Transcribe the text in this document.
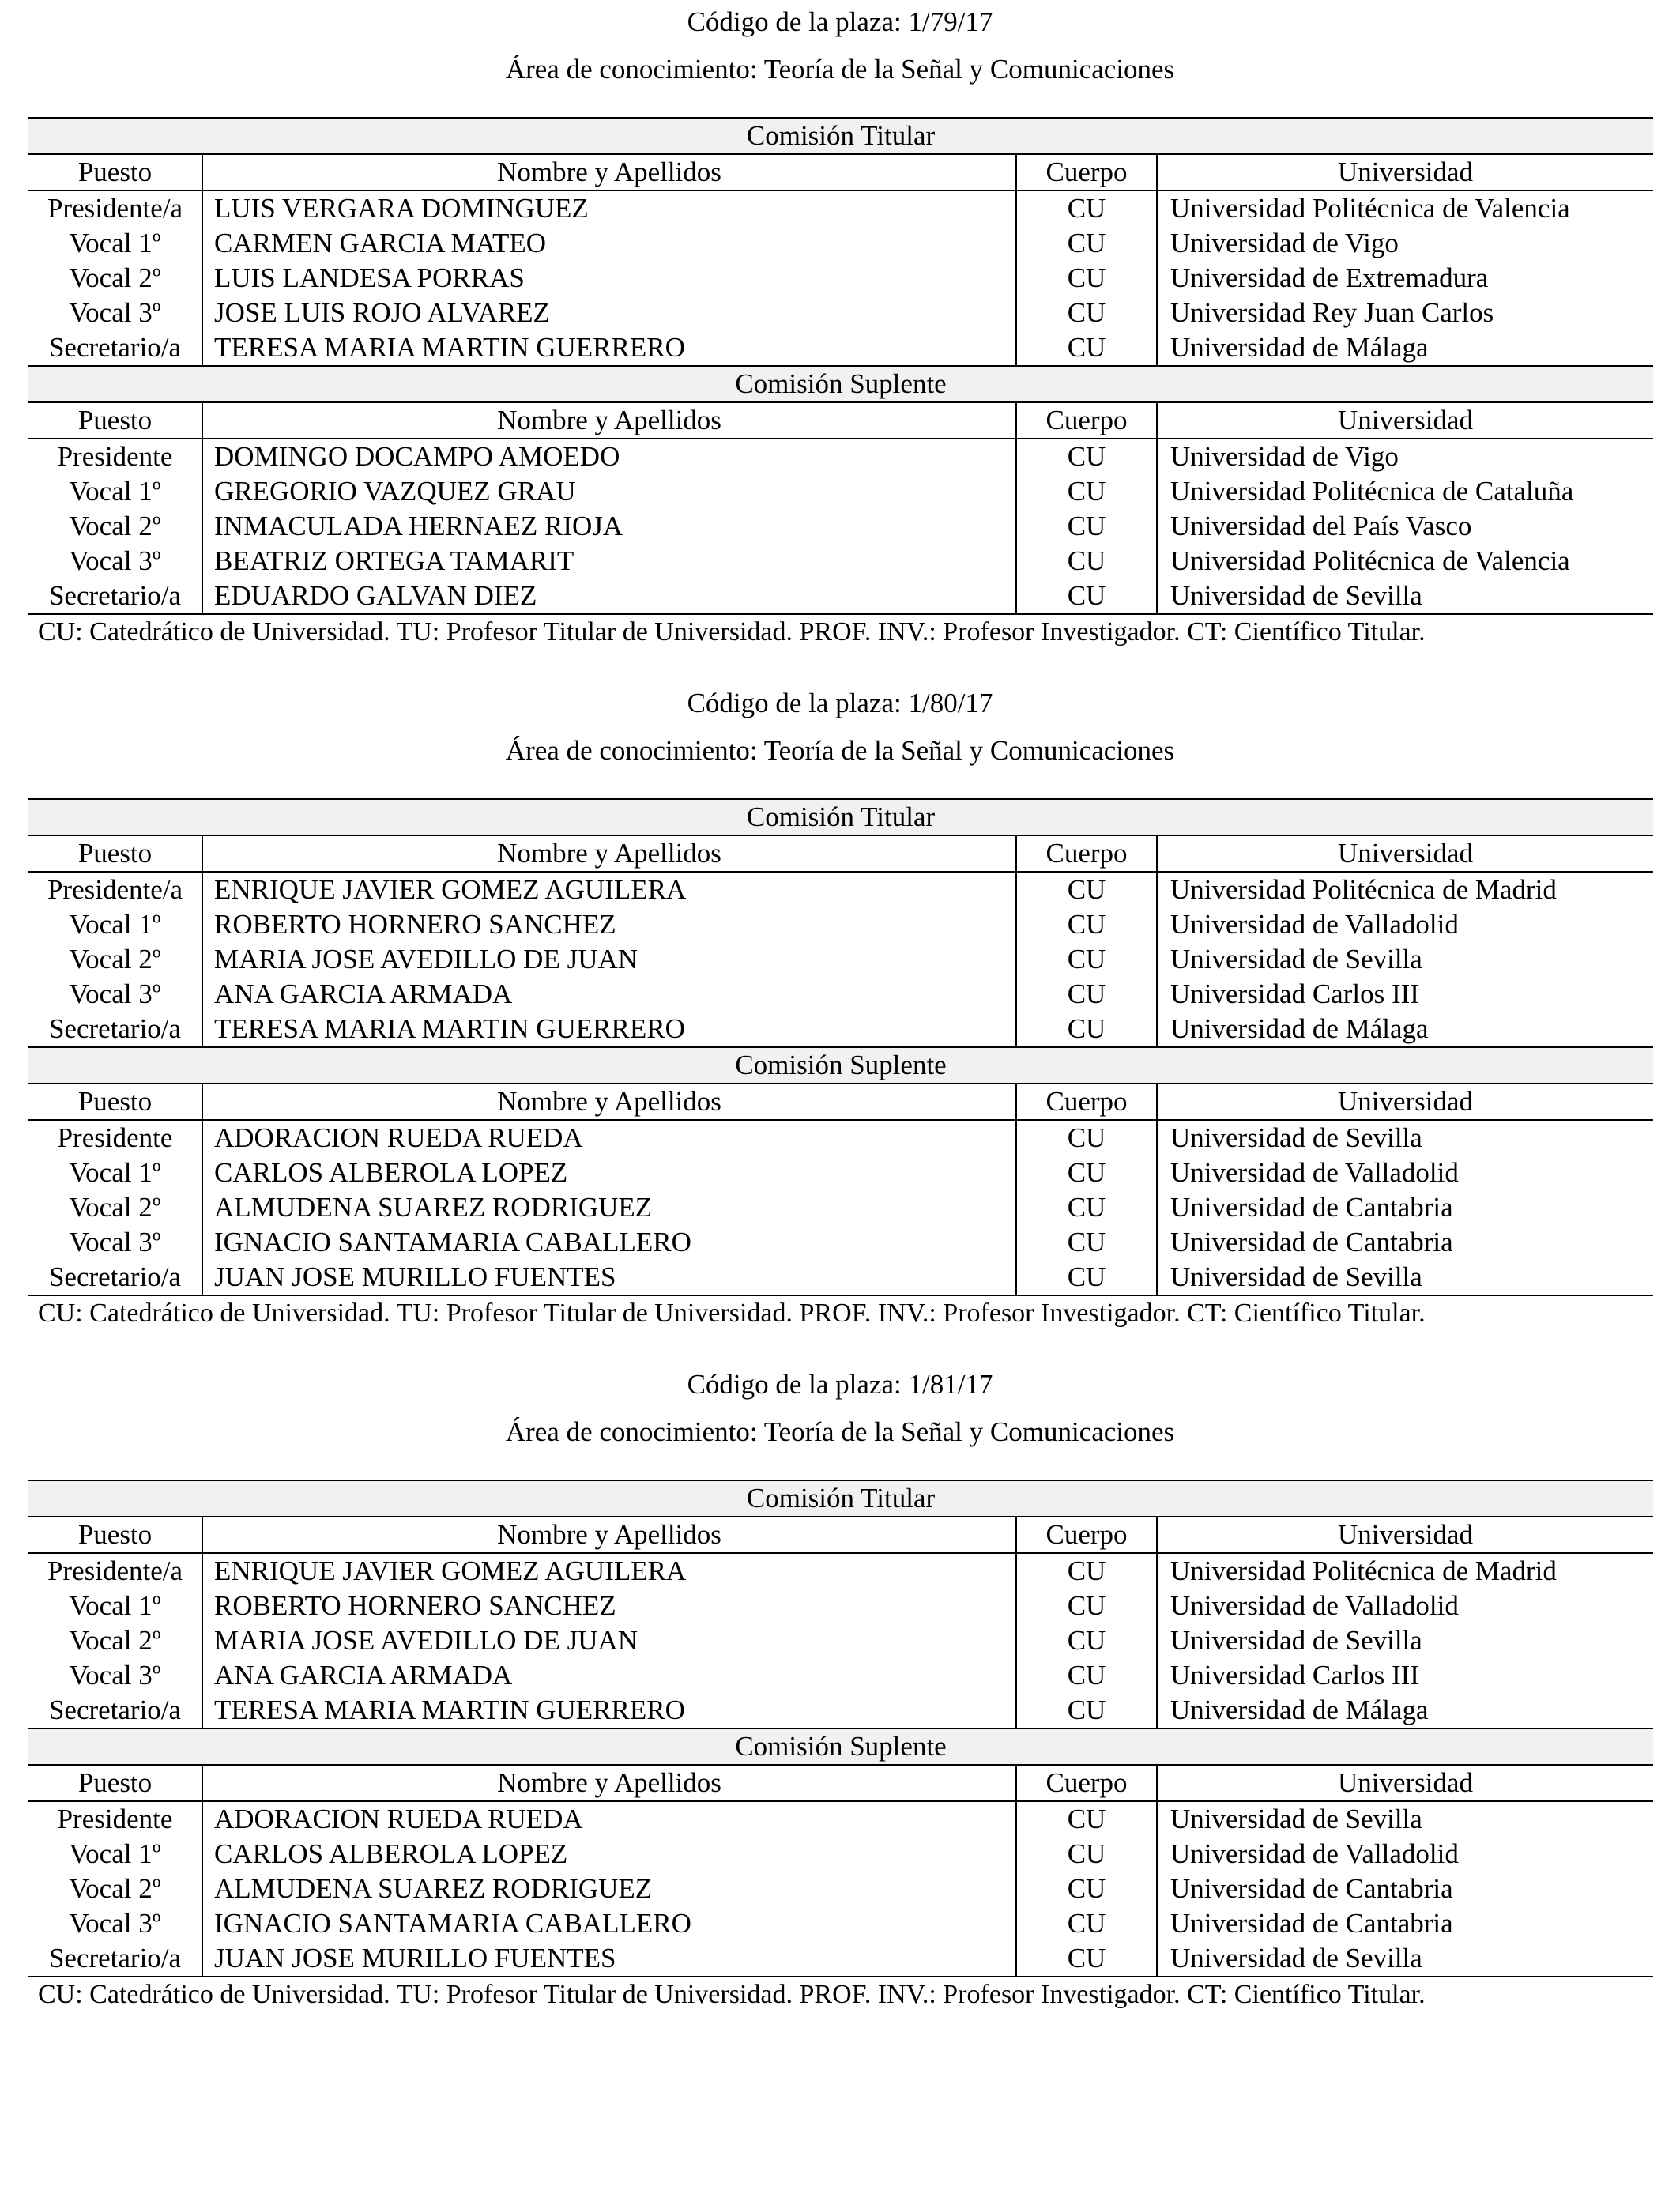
Código de la plaza: 1/79/17
Área de conocimiento: Teoría de la Señal y Comunicaciones
Comisión Titular			
Puesto	Nombre y Apellidos	Cuerpo	Universidad
Presidente/a	LUIS VERGARA DOMINGUEZ	CU	Universidad Politécnica de Valencia
Vocal 1º	CARMEN GARCIA MATEO	CU	Universidad de Vigo
Vocal 2º	LUIS LANDESA PORRAS	CU	Universidad de Extremadura
Vocal 3º	JOSE LUIS ROJO ALVAREZ	CU	Universidad Rey Juan Carlos
Secretario/a	TERESA MARIA MARTIN GUERRERO	CU	Universidad de Málaga
Comisión Suplente			
Puesto	Nombre y Apellidos	Cuerpo	Universidad
Presidente	DOMINGO DOCAMPO AMOEDO	CU	Universidad de Vigo
Vocal 1º	GREGORIO VAZQUEZ GRAU	CU	Universidad Politécnica de Cataluña
Vocal 2º	INMACULADA HERNAEZ RIOJA	CU	Universidad del País Vasco
Vocal 3º	BEATRIZ ORTEGA TAMARIT	CU	Universidad Politécnica de Valencia
Secretario/a	EDUARDO GALVAN DIEZ	CU	Universidad de Sevilla
CU: Catedrático de Universidad. TU: Profesor Titular de Universidad. PROF. INV.: Profesor Investigador. CT: Científico Titular.			
Código de la plaza: 1/80/17
Área de conocimiento: Teoría de la Señal y Comunicaciones
Comisión Titular			
Puesto	Nombre y Apellidos	Cuerpo	Universidad
Presidente/a	ENRIQUE JAVIER GOMEZ AGUILERA	CU	Universidad Politécnica de Madrid
Vocal 1º	ROBERTO HORNERO SANCHEZ	CU	Universidad de Valladolid
Vocal 2º	MARIA JOSE AVEDILLO DE JUAN	CU	Universidad de Sevilla
Vocal 3º	ANA GARCIA ARMADA	CU	Universidad Carlos III
Secretario/a	TERESA MARIA MARTIN GUERRERO	CU	Universidad de Málaga
Comisión Suplente			
Puesto	Nombre y Apellidos	Cuerpo	Universidad
Presidente	ADORACION RUEDA RUEDA	CU	Universidad de Sevilla
Vocal 1º	CARLOS ALBEROLA LOPEZ	CU	Universidad de Valladolid
Vocal 2º	ALMUDENA SUAREZ RODRIGUEZ	CU	Universidad de Cantabria
Vocal 3º	IGNACIO SANTAMARIA CABALLERO	CU	Universidad de Cantabria
Secretario/a	JUAN JOSE MURILLO FUENTES	CU	Universidad de Sevilla
CU: Catedrático de Universidad. TU: Profesor Titular de Universidad. PROF. INV.: Profesor Investigador. CT: Científico Titular.			
Código de la plaza: 1/81/17
Área de conocimiento: Teoría de la Señal y Comunicaciones
Comisión Titular			
Puesto	Nombre y Apellidos	Cuerpo	Universidad
Presidente/a	ENRIQUE JAVIER GOMEZ AGUILERA	CU	Universidad Politécnica de Madrid
Vocal 1º	ROBERTO HORNERO SANCHEZ	CU	Universidad de Valladolid
Vocal 2º	MARIA JOSE AVEDILLO DE JUAN	CU	Universidad de Sevilla
Vocal 3º	ANA GARCIA ARMADA	CU	Universidad Carlos III
Secretario/a	TERESA MARIA MARTIN GUERRERO	CU	Universidad de Málaga
Comisión Suplente			
Puesto	Nombre y Apellidos	Cuerpo	Universidad
Presidente	ADORACION RUEDA RUEDA	CU	Universidad de Sevilla
Vocal 1º	CARLOS ALBEROLA LOPEZ	CU	Universidad de Valladolid
Vocal 2º	ALMUDENA SUAREZ RODRIGUEZ	CU	Universidad de Cantabria
Vocal 3º	IGNACIO SANTAMARIA CABALLERO	CU	Universidad de Cantabria
Secretario/a	JUAN JOSE MURILLO FUENTES	CU	Universidad de Sevilla
CU: Catedrático de Universidad. TU: Profesor Titular de Universidad. PROF. INV.: Profesor Investigador. CT: Científico Titular.			
